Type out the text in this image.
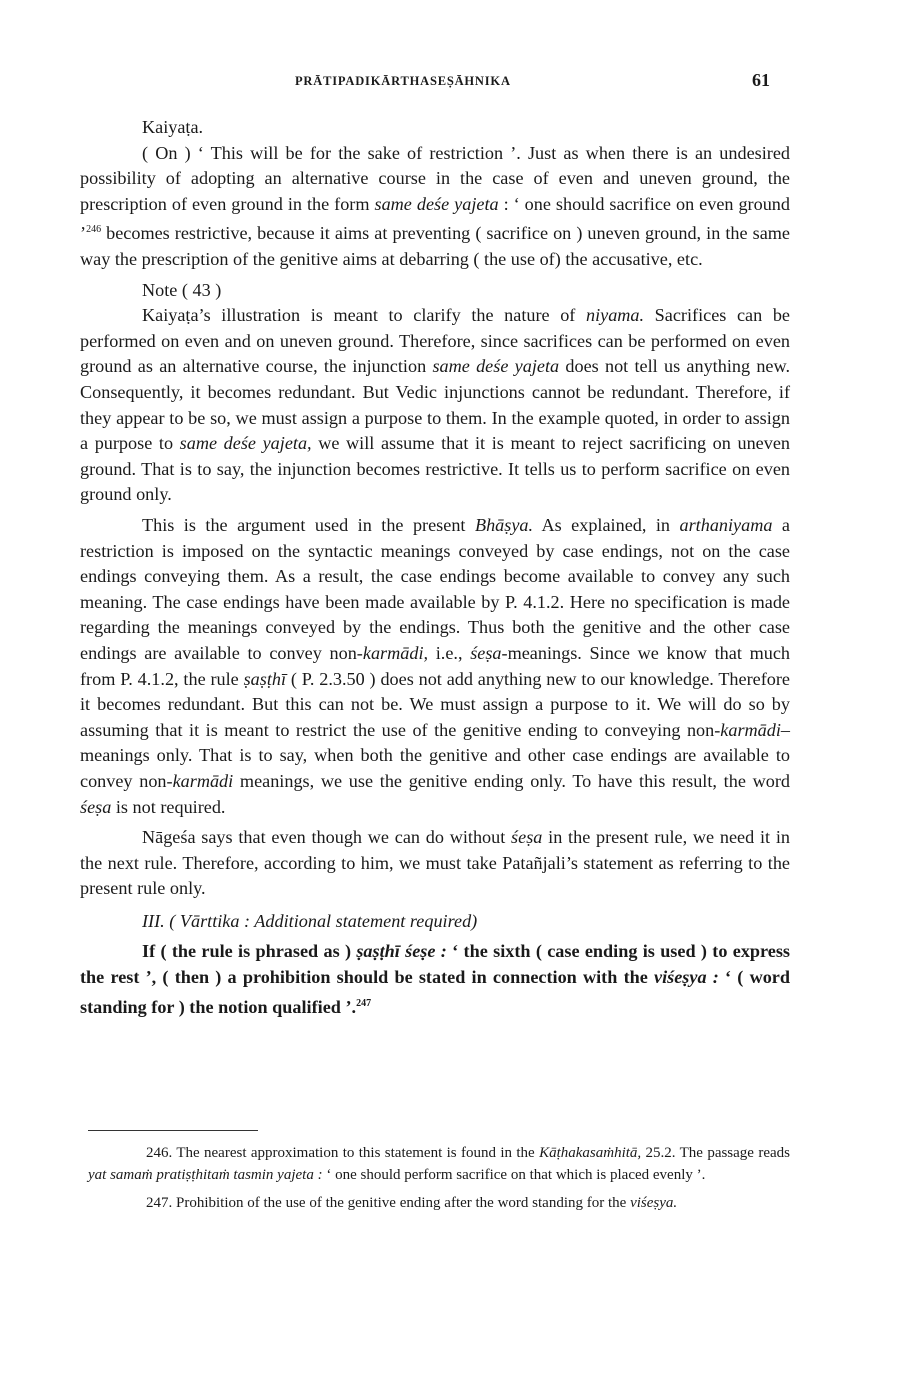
PRĀTIPADIKĀRTHASEṢĀHNIKA	61

Kaiyaṭa.

( On ) ‘ This will be for the sake of restriction ’. Just as when there is an undesired possibility of adopting an alternative course in the case of even and uneven ground, the prescription of even ground in the form same deśe yajeta : ‘ one should sacrifice on even ground ’$^{246}$ becomes restrictive, because it aims at preventing ( sacrifice on ) uneven ground, in the same way the prescription of the genitive aims at debarring ( the use of) the accusative, etc.

Note ( 43 )

Kaiyaṭa’s illustration is meant to clarify the nature of niyama. Sacrifices can be performed on even and on uneven ground. Therefore, since sacrifices can be performed on even ground as an alternative course, the injunction same deśe yajeta does not tell us anything new. Consequently, it becomes redundant. But Vedic injunctions cannot be redundant. Therefore, if they appear to be so, we must assign a purpose to them. In the example quoted, in order to assign a purpose to same deśe yajeta, we will assume that it is meant to reject sacrificing on uneven ground. That is to say, the injunction becomes restrictive. It tells us to perform sacrifice on even ground only.

This is the argument used in the present Bhāṣya. As explained, in arthaniyama a restriction is imposed on the syntactic meanings conveyed by case endings, not on the case endings conveying them. As a result, the case endings become available to convey any such meaning. The case endings have been made available by P. 4.1.2. Here no specification is made regarding the meanings conveyed by the endings. Thus both the genitive and the other case endings are available to convey non-karmādi, i.e., śeṣa-meanings. Since we know that much from P. 4.1.2, the rule ṣaṣṭhī ( P. 2.3.50 ) does not add anything new to our knowledge. Therefore it becomes redundant. But this can not be. We must assign a purpose to it. We will do so by assuming that it is meant to restrict the use of the genitive ending to conveying non-karmādi–meanings only. That is to say, when both the genitive and other case endings are available to convey non-karmādi meanings, we use the genitive ending only. To have this result, the word śeṣa is not required.

Nāgeśa says that even though we can do without śeṣa in the present rule, we need it in the next rule. Therefore, according to him, we must take Patañjali’s statement as referring to the present rule only.

III. ( Vārttika : Additional statement required)

If ( the rule is phrased as ) ṣaṣṭhī śeṣe : ‘ the sixth ( case ending is used ) to express the rest ’, ( then ) a prohibition should be stated in connection with the viśeṣya : ‘ ( word standing for ) the notion qualified ’.$^{247}$

246. The nearest approximation to this statement is found in the Kāṭhakasaṁhitā, 25.2. The passage reads yat samaṁ pratiṣṭhitaṁ tasmin yajeta : ‘ one should perform sacrifice on that which is placed evenly ’.

247. Prohibition of the use of the genitive ending after the word standing for the viśeṣya.
